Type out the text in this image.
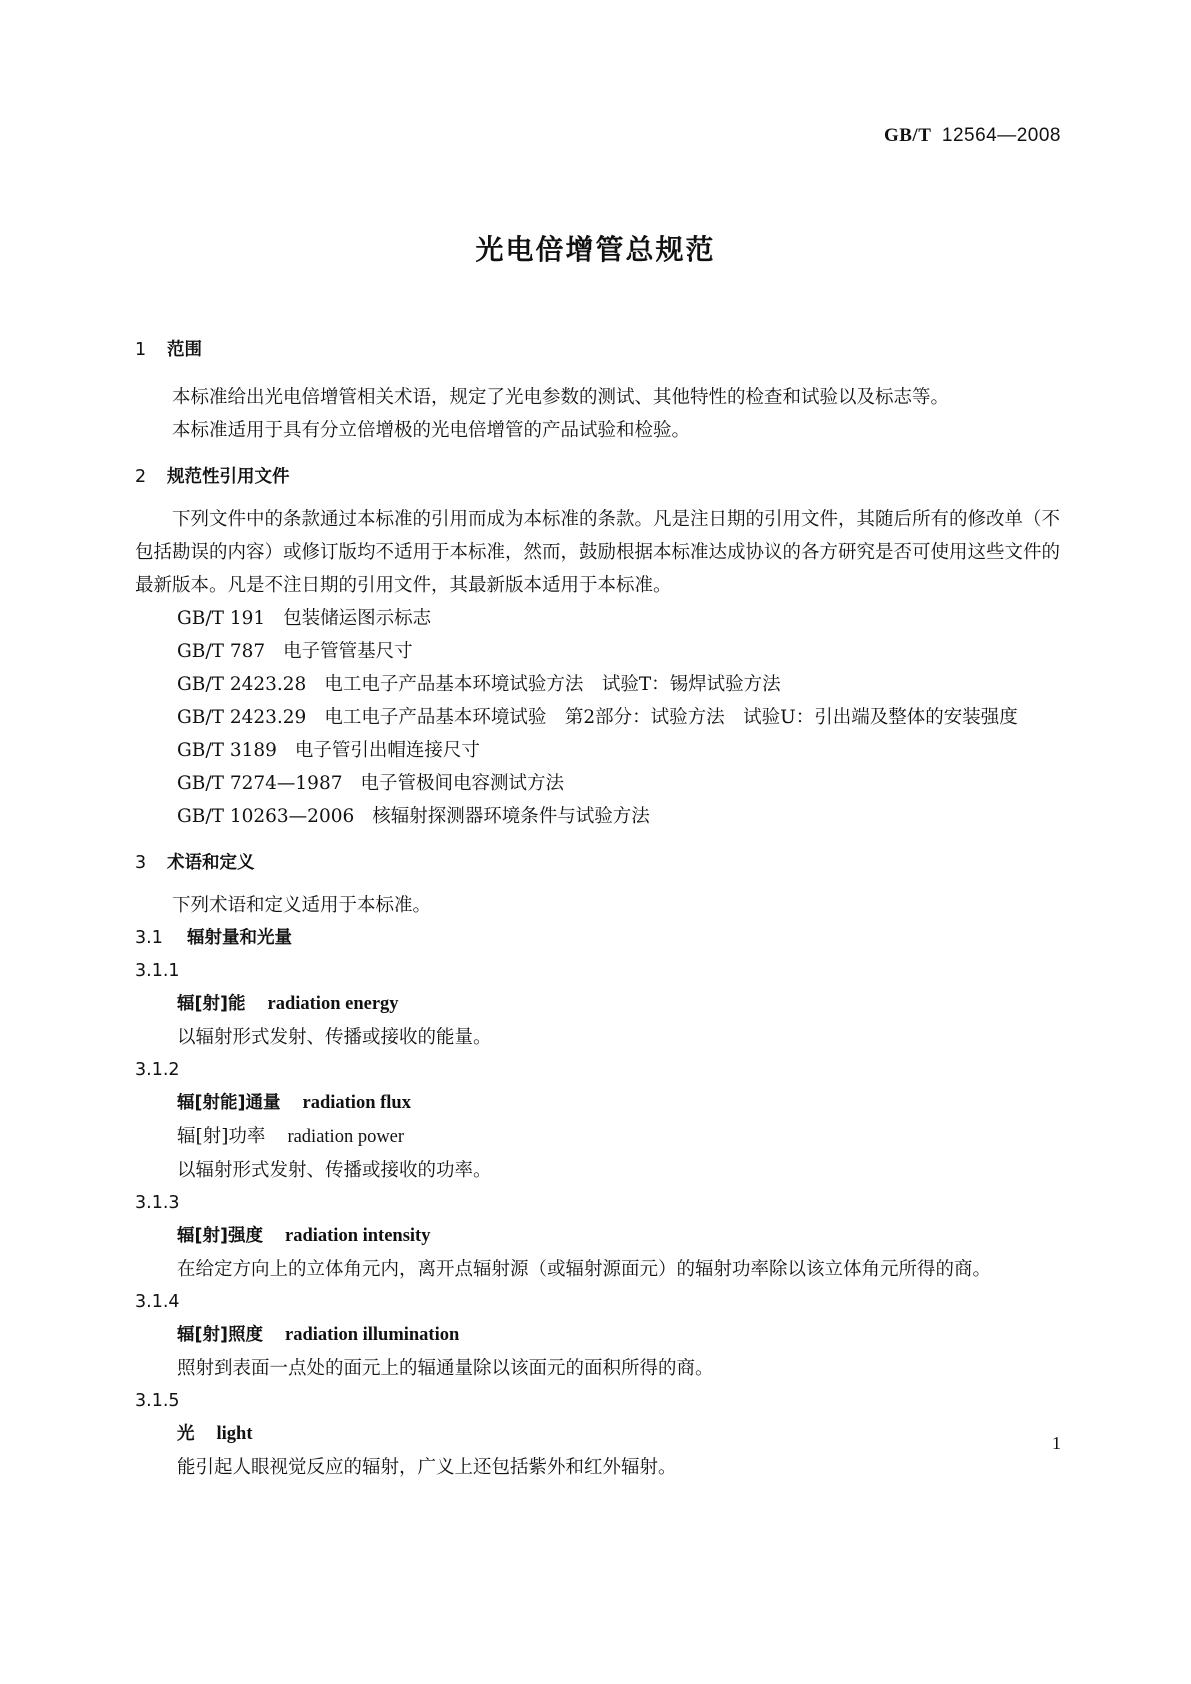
GB/T 12564—2008
光电倍增管总规范
1 范围

本标准给出光电倍增管相关术语，规定了光电参数的测试、其他特性的检查和试验以及标志等。

本标准适用于具有分立倍增极的光电倍增管的产品试验和检验。

2 规范性引用文件

下列文件中的条款通过本标准的引用而成为本标准的条款。凡是注日期的引用文件，其随后所有的修改单（不包括勘误的内容）或修订版均不适用于本标准，然而，鼓励根据本标准达成协议的各方研究是否可使用这些文件的最新版本。凡是不注日期的引用文件，其最新版本适用于本标准。

GB/T 191 包装储运图示标志
GB/T 787 电子管管基尺寸
GB/T 2423.28 电工电子产品基本环境试验方法　试验T：锡焊试验方法

GB/T 2423.29 电工电子产品基本环境试验　第2部分：试验方法　试验U：引出端及整体的安装强度

GB/T 3189 电子管引出帽连接尺寸
GB/T 7274—1987 电子管极间电容测试方法
GB/T 10263—2006 核辐射探测器环境条件与试验方法
3 术语和定义

下列术语和定义适用于本标准。

3.1 辐射量和光量
3.1.1
辐[射]能 radiation energy
以辐射形式发射、传播或接收的能量。
3.1.2
辐[射能]通量 radiation flux
辐[射]功率 radiation power
以辐射形式发射、传播或接收的功率。
3.1.3
辐[射]强度 radiation intensity
在给定方向上的立体角元内，离开点辐射源（或辐射源面元）的辐射功率除以该立体角元所得的商。
3.1.4
辐[射]照度 radiation illumination
照射到表面一点处的面元上的辐通量除以该面元的面积所得的商。
3.1.5
光 light
能引起人眼视觉反应的辐射，广义上还包括紫外和红外辐射。
1
